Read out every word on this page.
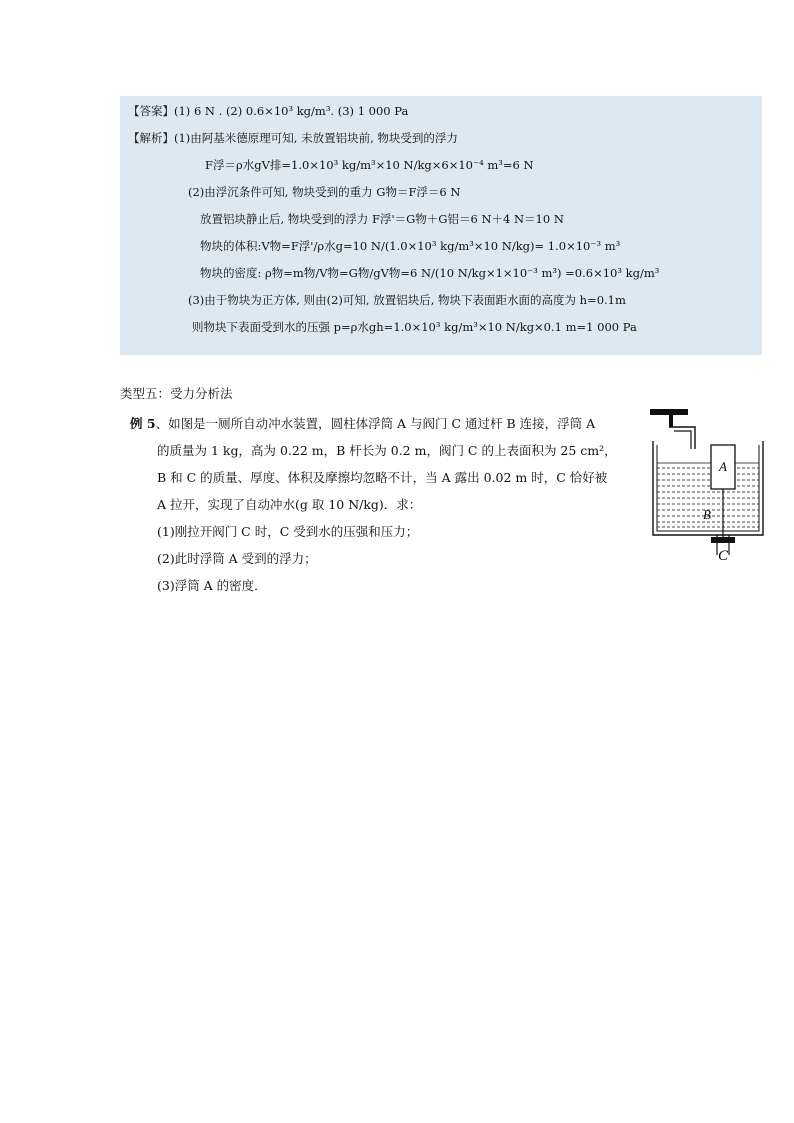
【答案】(1) 6 N . (2) 0.6×10³ kg/m³. (3) 1 000 Pa
【解析】(1)由阿基米德原理可知, 未放置铝块前, 物块受到的浮力
F浮＝ρ水gV排=1.0×10³ kg/m³×10 N/kg×6×10⁻⁴ m³=6 N
(2)由浮沉条件可知, 物块受到的重力 G物＝F浮＝6 N
放置铝块静止后, 物块受到的浮力 F浮'＝G物＋G铝＝6 N＋4 N＝10 N
物块的体积:V物=F浮'/ρ水g=10 N/(1.0×10³ kg/m³×10 N/kg)= 1.0×10⁻³ m³
物块的密度: ρ物=m物/V物=G物/gV物=6 N/(10 N/kg×1×10⁻³ m³) =0.6×10³ kg/m³
(3)由于物块为正方体, 则由(2)可知, 放置铝块后, 物块下表面距水面的高度为 h=0.1m
则物块下表面受到水的压强 p=ρ水gh=1.0×10³ kg/m³×10 N/kg×0.1 m=1 000 Pa
类型五：受力分析法
例 5、如图是一厕所自动冲水装置，圆柱体浮筒 A 与阀门 C 通过杆 B 连接，浮筒 A
的质量为 1 kg，高为 0.22 m，B 杆长为 0.2 m，阀门 C 的上表面积为 25 cm²，
B 和 C 的质量、厚度、体积及摩擦均忽略不计，当 A 露出 0.02 m 时，C 恰好被
A 拉开，实现了自动冲水(g 取 10 N/kg)．求：
(1)刚拉开阀门 C 时，C 受到水的压强和压力；
(2)此时浮筒 A 受到的浮力；
(3)浮筒 A 的密度．
A
B
C
